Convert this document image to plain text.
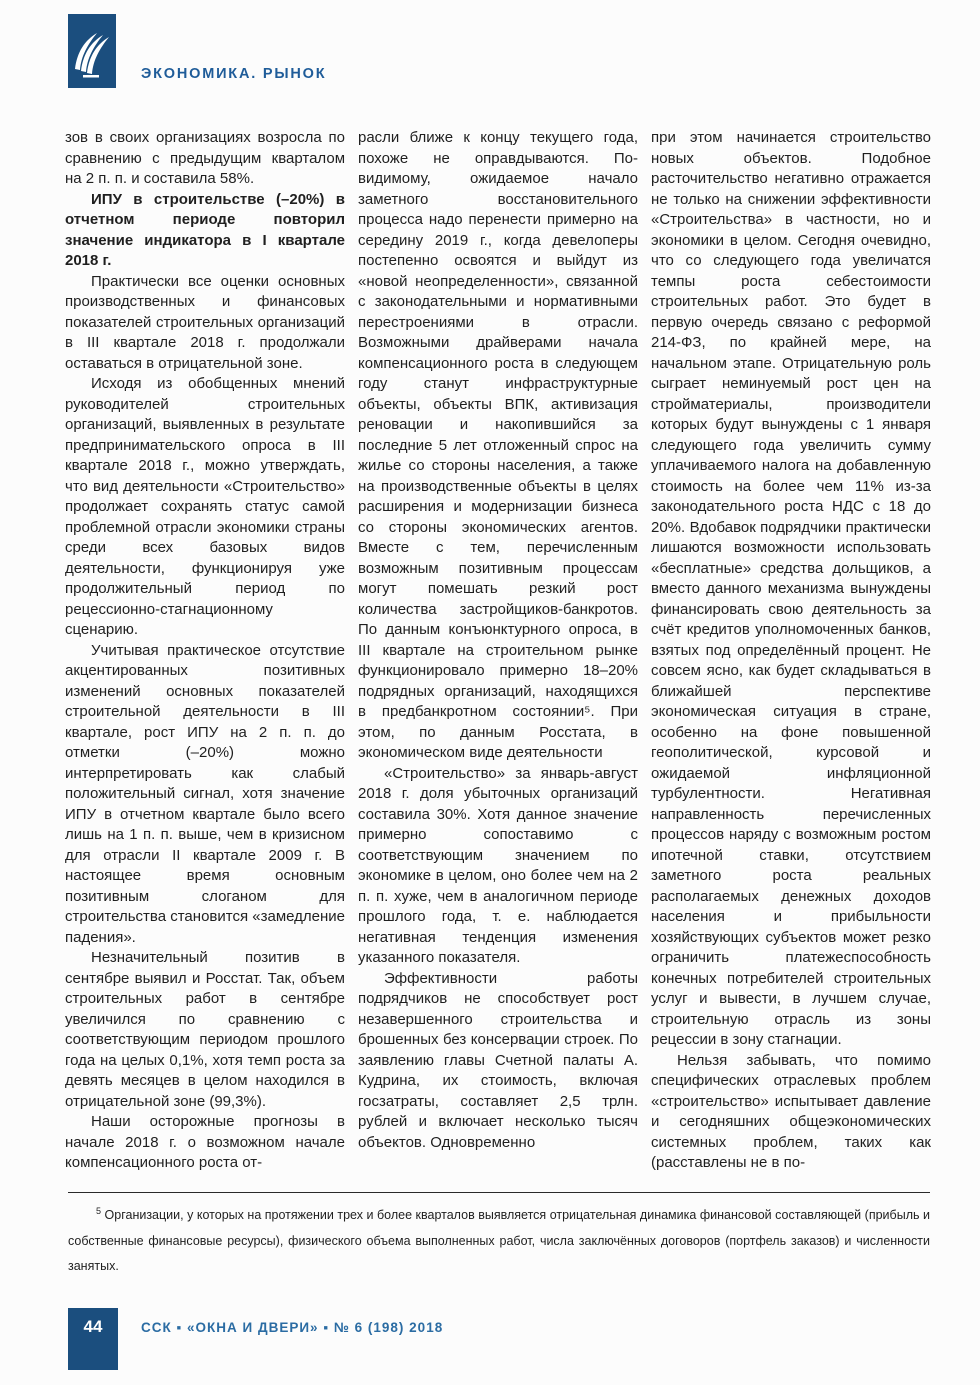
ЭКОНОМИКА. РЫНОК

зов в своих организациях возросла по сравнению с предыдущим кварталом на 2 п. п. и составила 58%.

ИПУ в строительстве (–20%) в отчетном периоде повторил значение индикатора в I квартале 2018 г.

Практически все оценки основных производственных и финансовых показателей строительных организаций в III квартале 2018 г. продолжали оставаться в отрицательной зоне.

Исходя из обобщенных мнений руководителей строительных организаций, выявленных в результате предпринимательского опроса в III квартале 2018 г., можно утверждать, что вид деятельности «Строительство» продолжает сохранять статус самой проблемной отрасли экономики страны среди всех базовых видов деятельности, функционируя уже продолжительный период по рецессионно-стагнационному сценарию.

Учитывая практическое отсутствие акцентированных позитивных изменений основных показателей строительной деятельности в III квартале, рост ИПУ на 2 п. п. до отметки (–20%) можно интерпретировать как слабый положительный сигнал, хотя значение ИПУ в отчетном квартале было всего лишь на 1 п. п. выше, чем в кризисном для отрасли II квартале 2009 г. В настоящее время основным позитивным слоганом для строительства становится «замедление падения».

Незначительный позитив в сентябре выявил и Росстат. Так, объем строительных работ в сентябре увеличился по сравнению с соответствующим периодом прошлого года на целых 0,1%, хотя темп роста за девять месяцев в целом находился в отрицательной зоне (99,3%).

Наши осторожные прогнозы в начале 2018 г. о возможном начале компенсационного роста от-

расли ближе к концу текущего года, похоже не оправдываются. По-видимому, ожидаемое начало заметного восстановительного процесса надо перенести примерно на середину 2019 г., когда девелоперы постепенно освоятся и выйдут из «новой неопределенности», связанной с законодательными и нормативными перестроениями в отрасли. Возможными драйверами начала компенсационного роста в следующем году станут инфраструктурные объекты, объекты ВПК, активизация реновации и накопившийся за последние 5 лет отложенный спрос на жилье со стороны населения, а также на производственные объекты в целях расширения и модернизации бизнеса со стороны экономических агентов. Вместе с тем, перечисленным возможным позитивным процессам могут помешать резкий рост количества застройщиков-банкротов. По данным конъюнктурного опроса, в III квартале на строительном рынке функционировало примерно 18–20% подрядных организаций, находящихся в предбанкротном состоянии⁵. При этом, по данным Росстата, в экономическом виде деятельности

«Строительство» за январь-август 2018 г. доля убыточных организаций составила 30%. Хотя данное значение примерно сопоставимо с соответствующим значением по экономике в целом, оно более чем на 2 п. п. хуже, чем в аналогичном периоде прошлого года, т. е. наблюдается негативная тенденция изменения указанного показателя.

Эффективности работы подрядчиков не способствует рост незавершенного строительства и брошенных без консервации строек. По заявлению главы Счетной палаты А. Кудрина, их стоимость, включая госзатраты, составляет 2,5 трлн. рублей и включает несколько тысяч объектов. Одновременно

при этом начинается строительство новых объектов. Подобное расточительство негативно отражается не только на снижении эффективности «Строительства» в частности, но и экономики в целом. Сегодня очевидно, что со следующего года увеличатся темпы роста себестоимости строительных работ. Это будет в первую очередь связано с реформой 214-ФЗ, по крайней мере, на начальном этапе. Отрицательную роль сыграет неминуемый рост цен на стройматериалы, производители которых будут вынуждены с 1 января следующего года увеличить сумму уплачиваемого налога на добавленную стоимость на более чем 11% из-за законодательного роста НДС с 18 до 20%. Вдобавок подрядчики практически лишаются возможности использовать «бесплатные» средства дольщиков, а вместо данного механизма вынуждены финансировать свою деятельность за счёт кредитов уполномоченных банков, взятых под определённый процент. Не совсем ясно, как будет складываться в ближайшей перспективе экономическая ситуация в стране, особенно на фоне повышенной геополитической, курсовой и ожидаемой инфляционной турбулентности. Негативная направленность перечисленных процессов наряду с возможным ростом ипотечной ставки, отсутствием заметного роста реальных располагаемых денежных доходов населения и прибыльности хозяйствующих субъектов может резко ограничить платежеспособность конечных потребителей строительных услуг и вывести, в лучшем случае, строительную отрасль из зоны рецессии в зону стагнации.

Нельзя забывать, что помимо специфических отраслевых проблем «строительство» испытывает давление и сегодняшних общеэкономических системных проблем, таких как (расставлены не в по-

$^5$ Организации, у которых на протяжении трех и более кварталов выявляется отрицательная динамика финансовой составляющей (прибыль и собственные финансовые ресурсы), физического объема выполненных работ, числа заключённых договоров (портфель заказов) и численности занятых.
44	ССК ▪ «ОКНА И ДВЕРИ» ▪ № 6 (198) 2018
